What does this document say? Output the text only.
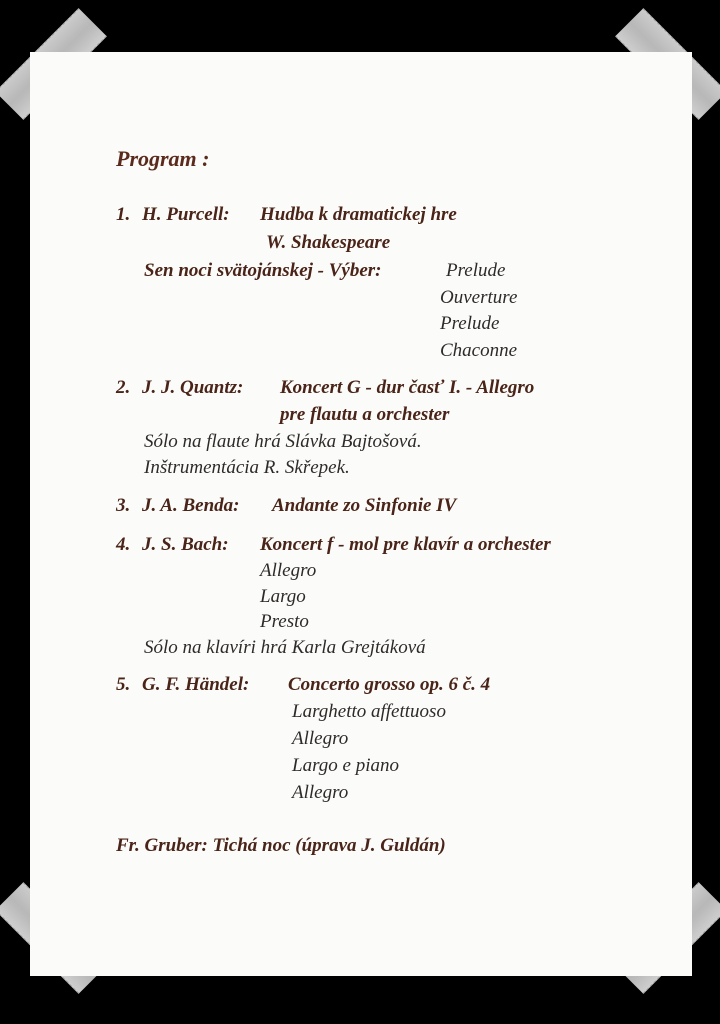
Program :
1. H. Purcell: Hudba k dramatickej hre
W. Shakespeare
Sen noci svätojánskej - Výber:	Prelude
Ouverture
Prelude
Chaconne
2. J. J. Quantz: Koncert G - dur časť I. - Allegro
pre flautu a orchester
Sólo na flaute hrá Slávka Bajtošová.
Inštrumentácia R. Skřepek.
3. J. A. Benda: Andante zo Sinfonie IV
4. J. S. Bach: Koncert f - mol pre klavír a orchester
Allegro
Largo
Presto
Sólo na klavíri hrá Karla Grejtáková
5. G. F. Händel: Concerto grosso op. 6 č. 4
Larghetto affettuoso
Allegro
Largo e piano
Allegro
Fr. Gruber: Tichá noc (úprava J. Guldán)
